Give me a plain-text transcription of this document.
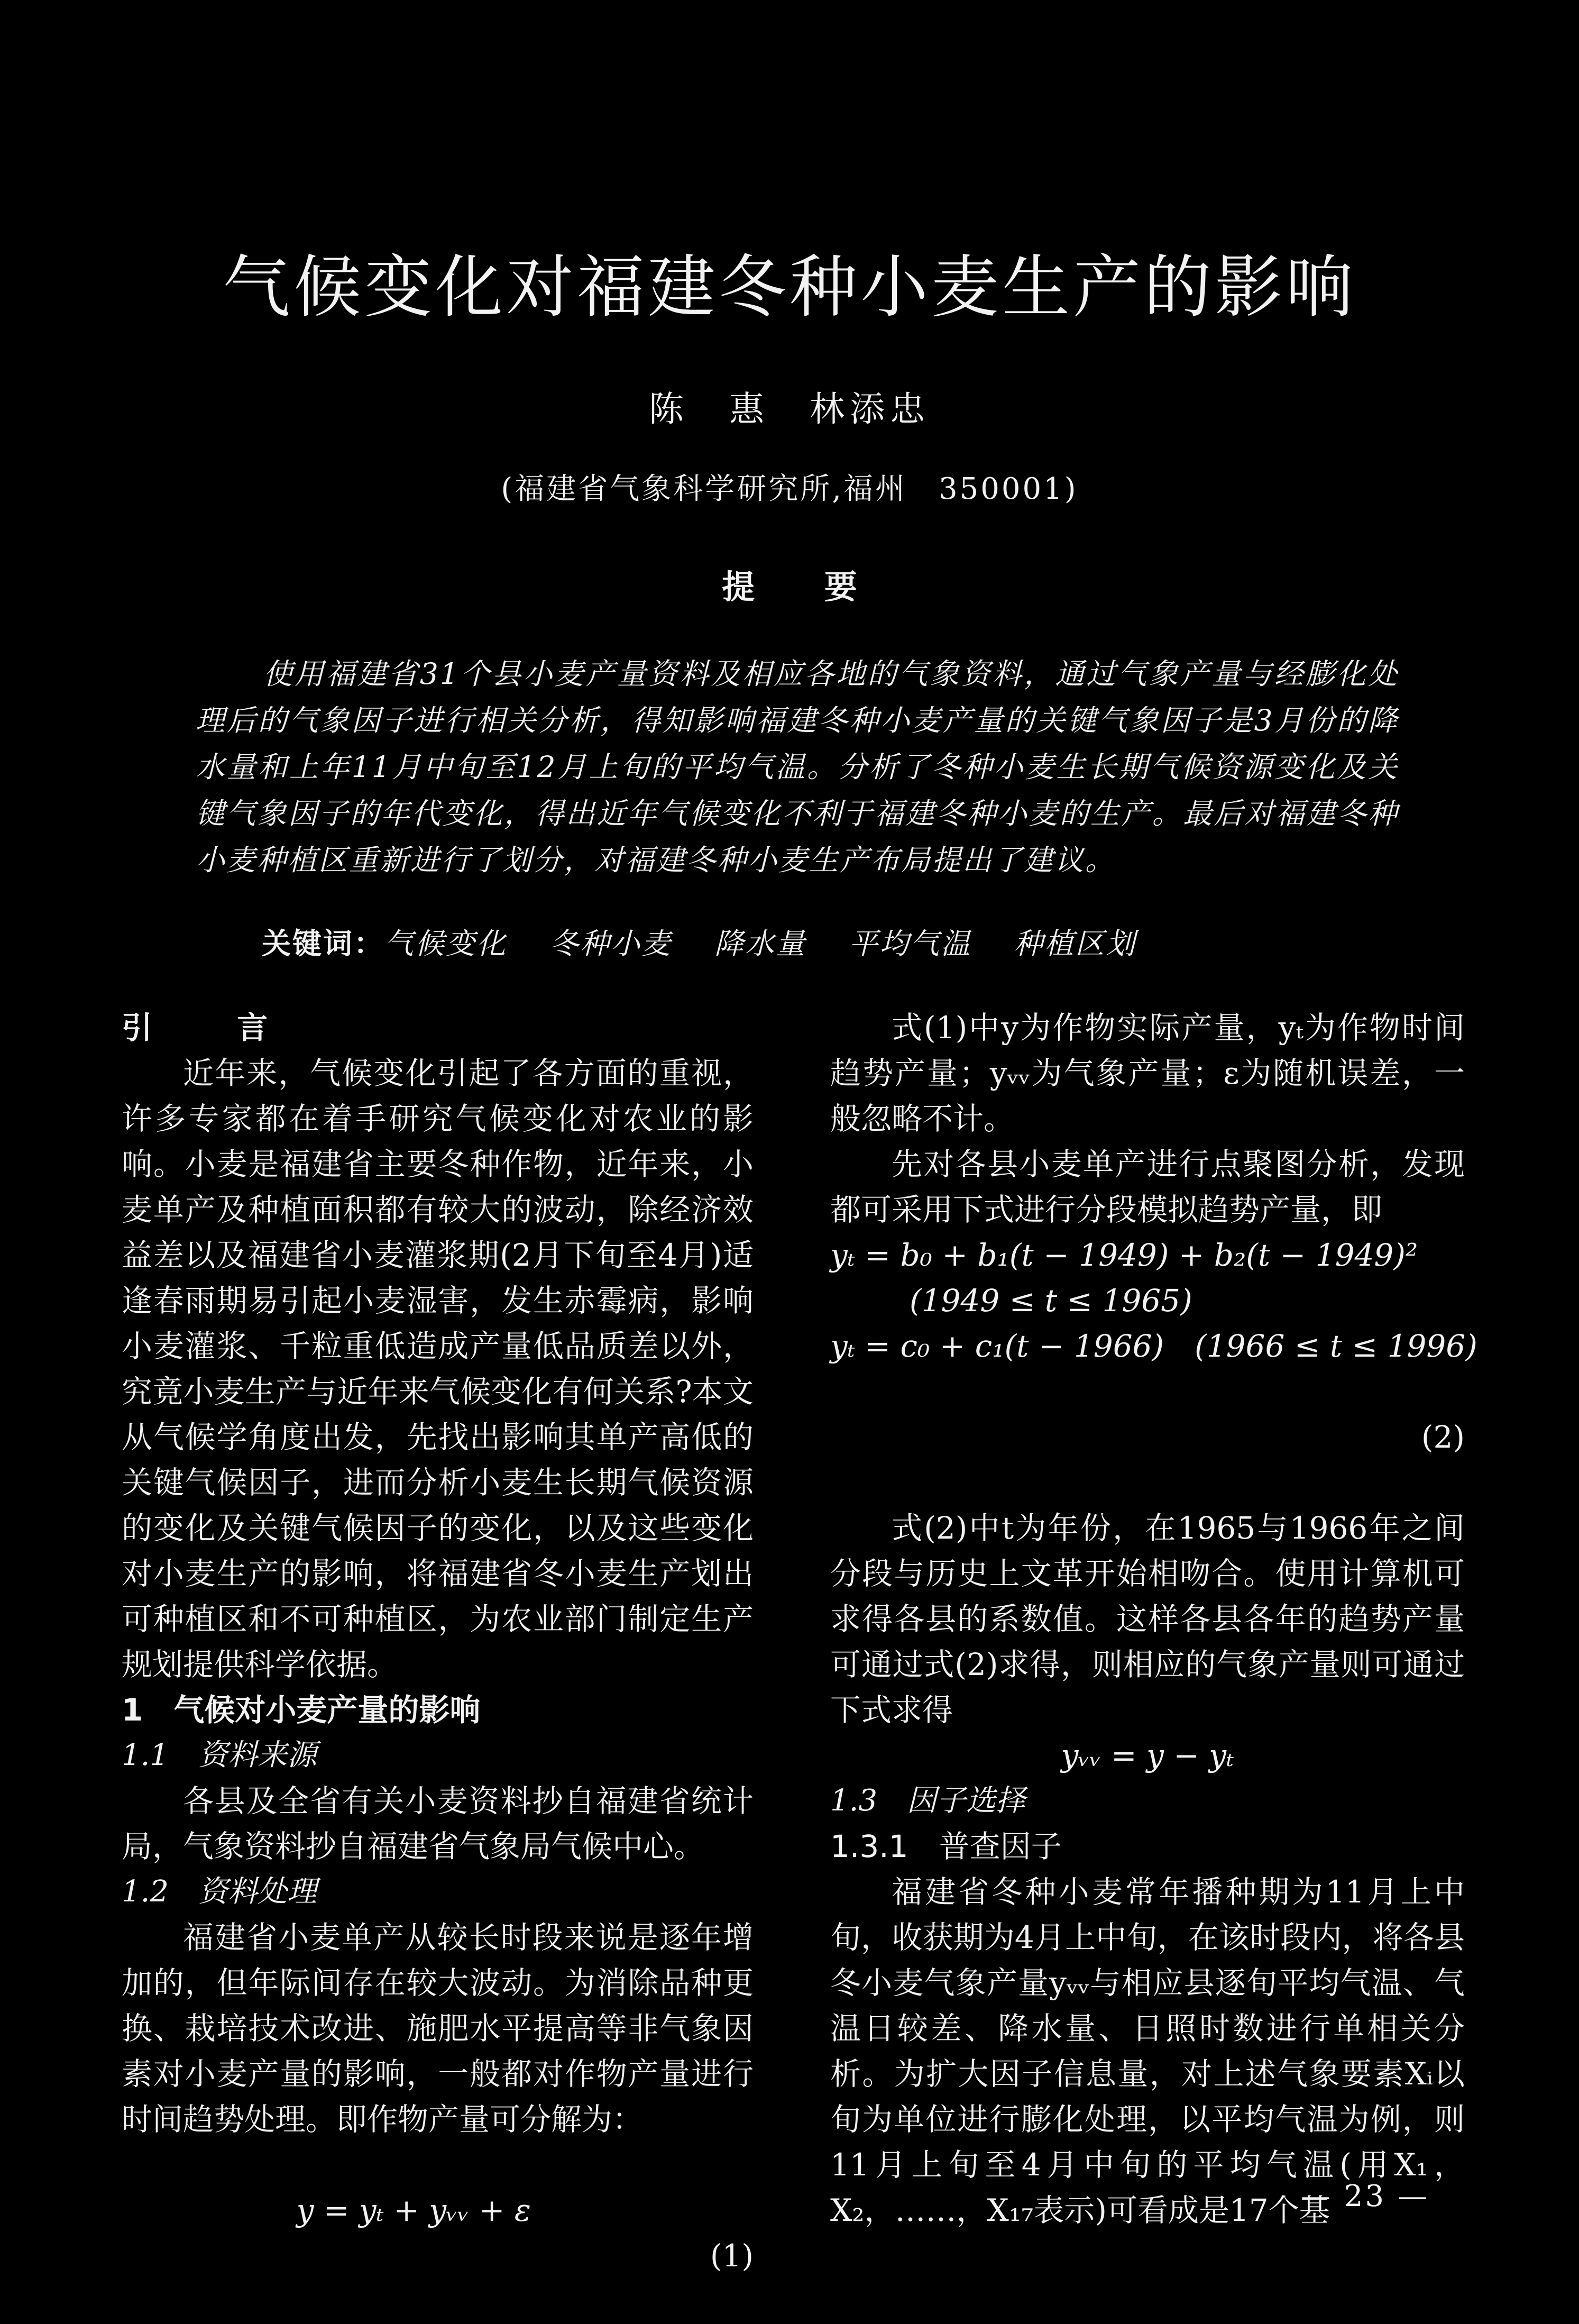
气候变化对福建冬种小麦生产的影响
陈　惠　林添忠
(福建省气象科学研究所,福州　350001)
提 要

使用福建省31个县小麦产量资料及相应各地的气象资料，通过气象产量与经膨化处理后的气象因子进行相关分析，得知影响福建冬种小麦产量的关键气象因子是3月份的降水量和上年11月中旬至12月上旬的平均气温。分析了冬种小麦生长期气候资源变化及关键气象因子的年代变化，得出近年气候变化不利于福建冬种小麦的生产。最后对福建冬种小麦种植区重新进行了划分，对福建冬种小麦生产布局提出了建议。

关键词：气候变化 冬种小麦 降水量 平均气温 种植区划
引 言

近年来，气候变化引起了各方面的重视，许多专家都在着手研究气候变化对农业的影响。小麦是福建省主要冬种作物，近年来，小麦单产及种植面积都有较大的波动，除经济效益差以及福建省小麦灌浆期(2月下旬至4月)适逢春雨期易引起小麦湿害，发生赤霉病，影响小麦灌浆、千粒重低造成产量低品质差以外，究竟小麦生产与近年来气候变化有何关系?本文从气候学角度出发，先找出影响其单产高低的关键气候因子，进而分析小麦生长期气候资源的变化及关键气候因子的变化，以及这些变化对小麦生产的影响，将福建省冬小麦生产划出可种植区和不可种植区，为农业部门制定生产规划提供科学依据。

1　气候对小麦产量的影响
1.1　资料来源

各县及全省有关小麦资料抄自福建省统计局，气象资料抄自福建省气象局气候中心。

1.2　资料处理

福建省小麦单产从较长时段来说是逐年增加的，但年际间存在较大波动。为消除品种更换、栽培技术改进、施肥水平提高等非气象因素对小麦产量的影响，一般都对作物产量进行时间趋势处理。即作物产量可分解为：

y = yₜ + yᵥᵥ + ε

(1)

式(1)中y为作物实际产量，yₜ为作物时间趋势产量；yᵥᵥ为气象产量；ε为随机误差，一般忽略不计。

先对各县小麦单产进行点聚图分析，发现都可采用下式进行分段模拟趋势产量，即

yₜ = b₀ + b₁(t − 1949) + b₂(t − 1949)²
(1949 ≤ t ≤ 1965)
yₜ = c₀ + c₁(t − 1966)　(1966 ≤ t ≤ 1996)

(2)

式(2)中t为年份，在1965与1966年之间分段与历史上文革开始相吻合。使用计算机可求得各县的系数值。这样各县各年的趋势产量可通过式(2)求得，则相应的气象产量则可通过下式求得

yᵥᵥ = y − yₜ
1.3　因子选择
1.3.1　普查因子

福建省冬种小麦常年播种期为11月上中旬，收获期为4月上中旬，在该时段内，将各县冬小麦气象产量yᵥᵥ与相应县逐旬平均气温、气温日较差、降水量、日照时数进行单相关分析。为扩大因子信息量，对上述气象要素Xᵢ以旬为单位进行膨化处理，以平均气温为例，则11月上旬至4月中旬的平均气温(用X₁，X₂，……，X₁₇表示)可看成是17个基

— 23 —
